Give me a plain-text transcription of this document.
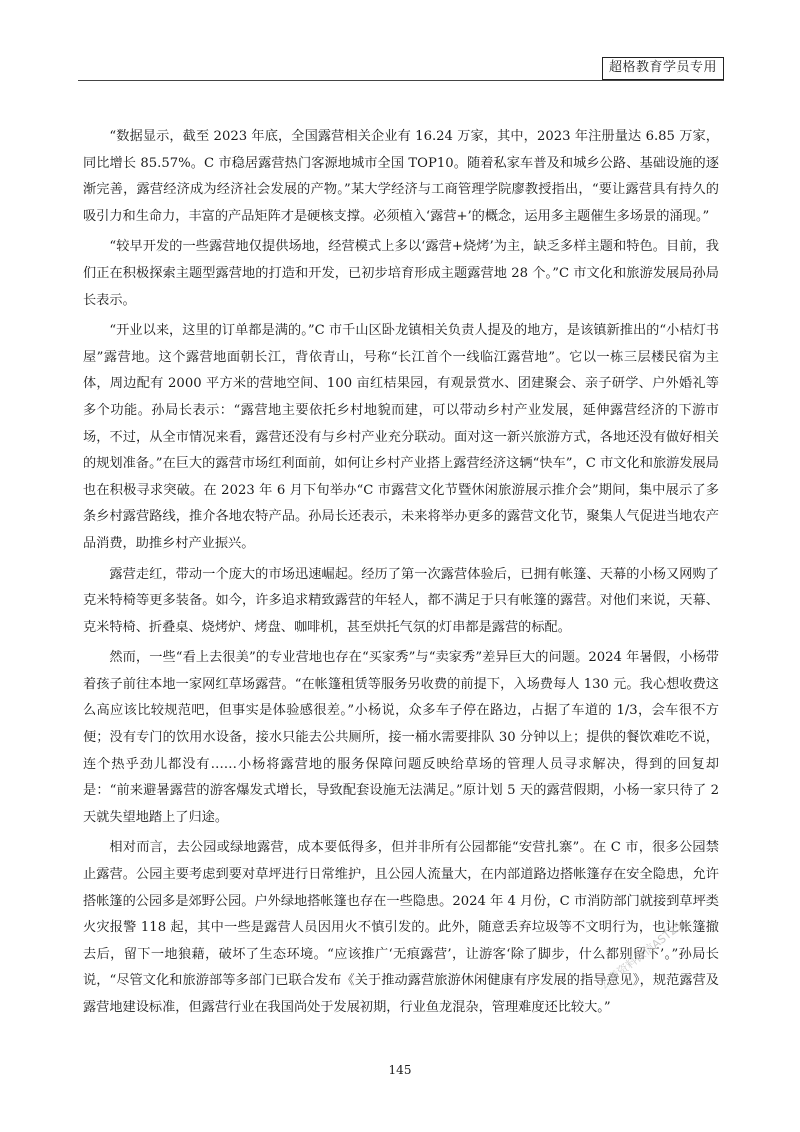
超格教育学员专用

“数据显示，截至 2023 年底，全国露营相关企业有 16.24 万家，其中，2023 年注册量达 6.85 万家，同比增长 85.57%。C 市稳居露营热门客源地城市全国 TOP10。随着私家车普及和城乡公路、基础设施的逐渐完善，露营经济成为经济社会发展的产物。”某大学经济与工商管理学院廖教授指出，“要让露营具有持久的吸引力和生命力，丰富的产品矩阵才是硬核支撑。必须植入‘露营+’的概念，运用多主题催生多场景的涌现。”

“较早开发的一些露营地仅提供场地，经营模式上多以‘露营+烧烤’为主，缺乏多样主题和特色。目前，我们正在积极探索主题型露营地的打造和开发，已初步培育形成主题露营地 28 个。”C 市文化和旅游发展局孙局长表示。

“开业以来，这里的订单都是满的。”C 市千山区卧龙镇相关负责人提及的地方，是该镇新推出的“小桔灯书屋”露营地。这个露营地面朝长江，背依青山，号称“长江首个一线临江露营地”。它以一栋三层楼民宿为主体，周边配有 2000 平方米的营地空间、100 亩红桔果园，有观景赏水、团建聚会、亲子研学、户外婚礼等多个功能。孙局长表示：“露营地主要依托乡村地貌而建，可以带动乡村产业发展，延伸露营经济的下游市场，不过，从全市情况来看，露营还没有与乡村产业充分联动。面对这一新兴旅游方式，各地还没有做好相关的规划准备。”在巨大的露营市场红利面前，如何让乡村产业搭上露营经济这辆“快车”，C 市文化和旅游发展局也在积极寻求突破。在 2023 年 6 月下旬举办“C 市露营文化节暨休闲旅游展示推介会”期间，集中展示了多条乡村露营路线，推介各地农特产品。孙局长还表示，未来将举办更多的露营文化节，聚集人气促进当地农产品消费，助推乡村产业振兴。

露营走红，带动一个庞大的市场迅速崛起。经历了第一次露营体验后，已拥有帐篷、天幕的小杨又网购了克米特椅等更多装备。如今，许多追求精致露营的年轻人，都不满足于只有帐篷的露营。对他们来说，天幕、克米特椅、折叠桌、烧烤炉、烤盘、咖啡机，甚至烘托气氛的灯串都是露营的标配。

然而，一些“看上去很美”的专业营地也存在“买家秀”与“卖家秀”差异巨大的问题。2024 年暑假，小杨带着孩子前往本地一家网红草场露营。“在帐篷租赁等服务另收费的前提下，入场费每人 130 元。我心想收费这么高应该比较规范吧，但事实是体验感很差。”小杨说，众多车子停在路边，占据了车道的 1/3，会车很不方便；没有专门的饮用水设备，接水只能去公共厕所，接一桶水需要排队 30 分钟以上；提供的餐饮难吃不说，连个热乎劲儿都没有……小杨将露营地的服务保障问题反映给草场的管理人员寻求解决，得到的回复却是：“前来避暑露营的游客爆发式增长，导致配套设施无法满足。”原计划 5 天的露营假期，小杨一家只待了 2 天就失望地踏上了归途。

相对而言，去公园或绿地露营，成本要低得多，但并非所有公园都能“安营扎寨”。在 C 市，很多公园禁止露营。公园主要考虑到要对草坪进行日常维护，且公园人流量大，在内部道路边搭帐篷存在安全隐患，允许搭帐篷的公园多是郊野公园。户外绿地搭帐篷也存在一些隐患。2024 年 4 月份，C 市消防部门就接到草坪类火灾报警 118 起，其中一些是露营人员因用火不慎引发的。此外，随意丢弃垃圾等不文明行为，也让帐篷撤去后，留下一地狼藉，破坏了生态环境。“应该推广‘无痕露营’，让游客‘除了脚步，什么都别留下’。”孙局长说，“尽管文化和旅游部等多部门已联合发布《关于推动露营旅游休闲健康有序发展的指导意见》，规范露营及露营地建设标准，但露营行业在我国尚处于发展初期，行业鱼龙混杂，管理难度还比较大。”

公考资料微信AST25...
145
